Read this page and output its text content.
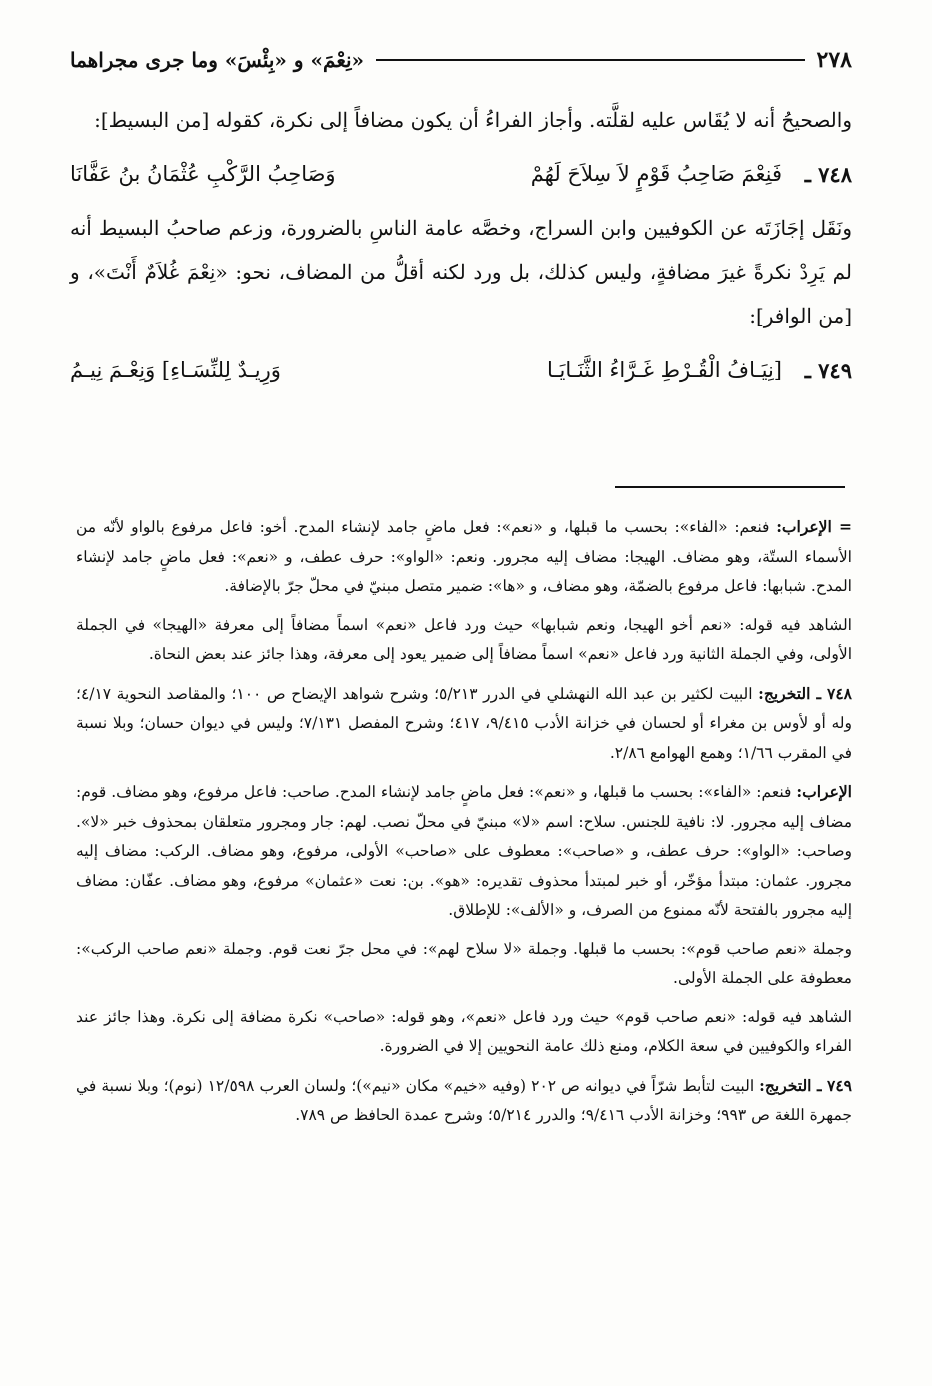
٢٧٨
«نِعْمَ» و «بِئْسَ» وما جرى مجراهما

والصحيحُ أنه لا يُقَاس عليه لقلَّته. وأجاز الفراءُ أن يكون مضافاً إلى نكرة، كقوله [من البسيط]:

٧٤٨ ـ
فَنِعْمَ صَاحِبُ قَوْمٍ لاَ سِلاَحَ لَهُمْ
وَصَاحِبُ الرَّكْبِ عُثْمَانُ بنُ عَفَّانَا

ونَقَل إجَازَتَه عن الكوفيين وابن السراج، وخصَّه عامة الناسِ بالضرورة، وزعم صاحبُ البسيط أنه لم يَرِدْ نكرةً غيرَ مضافةٍ، وليس كذلك، بل ورد لكنه أقلُّ من المضاف، نحو: «نِعْمَ غُلاَمٌ أَنْتَ»، و [من الوافر]:

٧٤٩ ـ
[نِيَـافُ الْقُـرْطِ غَـرَّاءُ الثَّنَـايَـا
وَرِيـدٌ لِلنِّسَـاءِ] وَنِعْـمَ نِيـمُ

= الإعراب: فنعم: «الفاء»: بحسب ما قبلها، و «نعم»: فعل ماضٍ جامد لإنشاء المدح. أخو: فاعل مرفوع بالواو لأنّه من الأسماء الستّة، وهو مضاف. الهيجا: مضاف إليه مجرور. ونعم: «الواو»: حرف عطف، و «نعم»: فعل ماضٍ جامد لإنشاء المدح. شبابها: فاعل مرفوع بالضمّة، وهو مضاف، و «ها»: ضمير متصل مبنيّ في محلّ جرّ بالإضافة.

الشاهد فيه قوله: «نعم أخو الهيجا، ونعم شبابها» حيث ورد فاعل «نعم» اسماً مضافاً إلى معرفة «الهيجا» في الجملة الأولى، وفي الجملة الثانية ورد فاعل «نعم» اسماً مضافاً إلى ضمير يعود إلى معرفة، وهذا جائز عند بعض النحاة.

٧٤٨ ـ التخريج: البيت لكثير بن عبد الله النهشلي في الدرر ٥/٢١٣؛ وشرح شواهد الإيضاح ص ١٠٠؛ والمقاصد النحوية ٤/١٧؛ وله أو لأوس بن مغراء أو لحسان في خزانة الأدب ٩/٤١٥، ٤١٧؛ وشرح المفصل ٧/١٣١؛ وليس في ديوان حسان؛ وبلا نسبة في المقرب ١/٦٦؛ وهمع الهوامع ٢/٨٦.

الإعراب: فنعم: «الفاء»: بحسب ما قبلها، و «نعم»: فعل ماضٍ جامد لإنشاء المدح. صاحب: فاعل مرفوع، وهو مضاف. قوم: مضاف إليه مجرور. لا: نافية للجنس. سلاح: اسم «لا» مبنيّ في محلّ نصب. لهم: جار ومجرور متعلقان بمحذوف خبر «لا». وصاحب: «الواو»: حرف عطف، و «صاحب»: معطوف على «صاحب» الأولى، مرفوع، وهو مضاف. الركب: مضاف إليه مجرور. عثمان: مبتدأ مؤخّر، أو خبر لمبتدأ محذوف تقديره: «هو». بن: نعت «عثمان» مرفوع، وهو مضاف. عفّان: مضاف إليه مجرور بالفتحة لأنّه ممنوع من الصرف، و «الألف»: للإطلاق.

وجملة «نعم صاحب قوم»: بحسب ما قبلها. وجملة «لا سلاح لهم»: في محل جرّ نعت قوم. وجملة «نعم صاحب الركب»: معطوفة على الجملة الأولى.

الشاهد فيه قوله: «نعم صاحب قوم» حيث ورد فاعل «نعم»، وهو قوله: «صاحب» نكرة مضافة إلى نكرة. وهذا جائز عند الفراء والكوفيين في سعة الكلام، ومنع ذلك عامة النحويين إلا في الضرورة.

٧٤٩ ـ التخريج: البيت لتأبط شرّاً في ديوانه ص ٢٠٢ (وفيه «خيم» مكان «نيم»)؛ ولسان العرب ١٢/٥٩٨ (نوم)؛ وبلا نسبة في جمهرة اللغة ص ٩٩٣؛ وخزانة الأدب ٩/٤١٦؛ والدرر ٥/٢١٤؛ وشرح عمدة الحافظ ص ٧٨٩.
